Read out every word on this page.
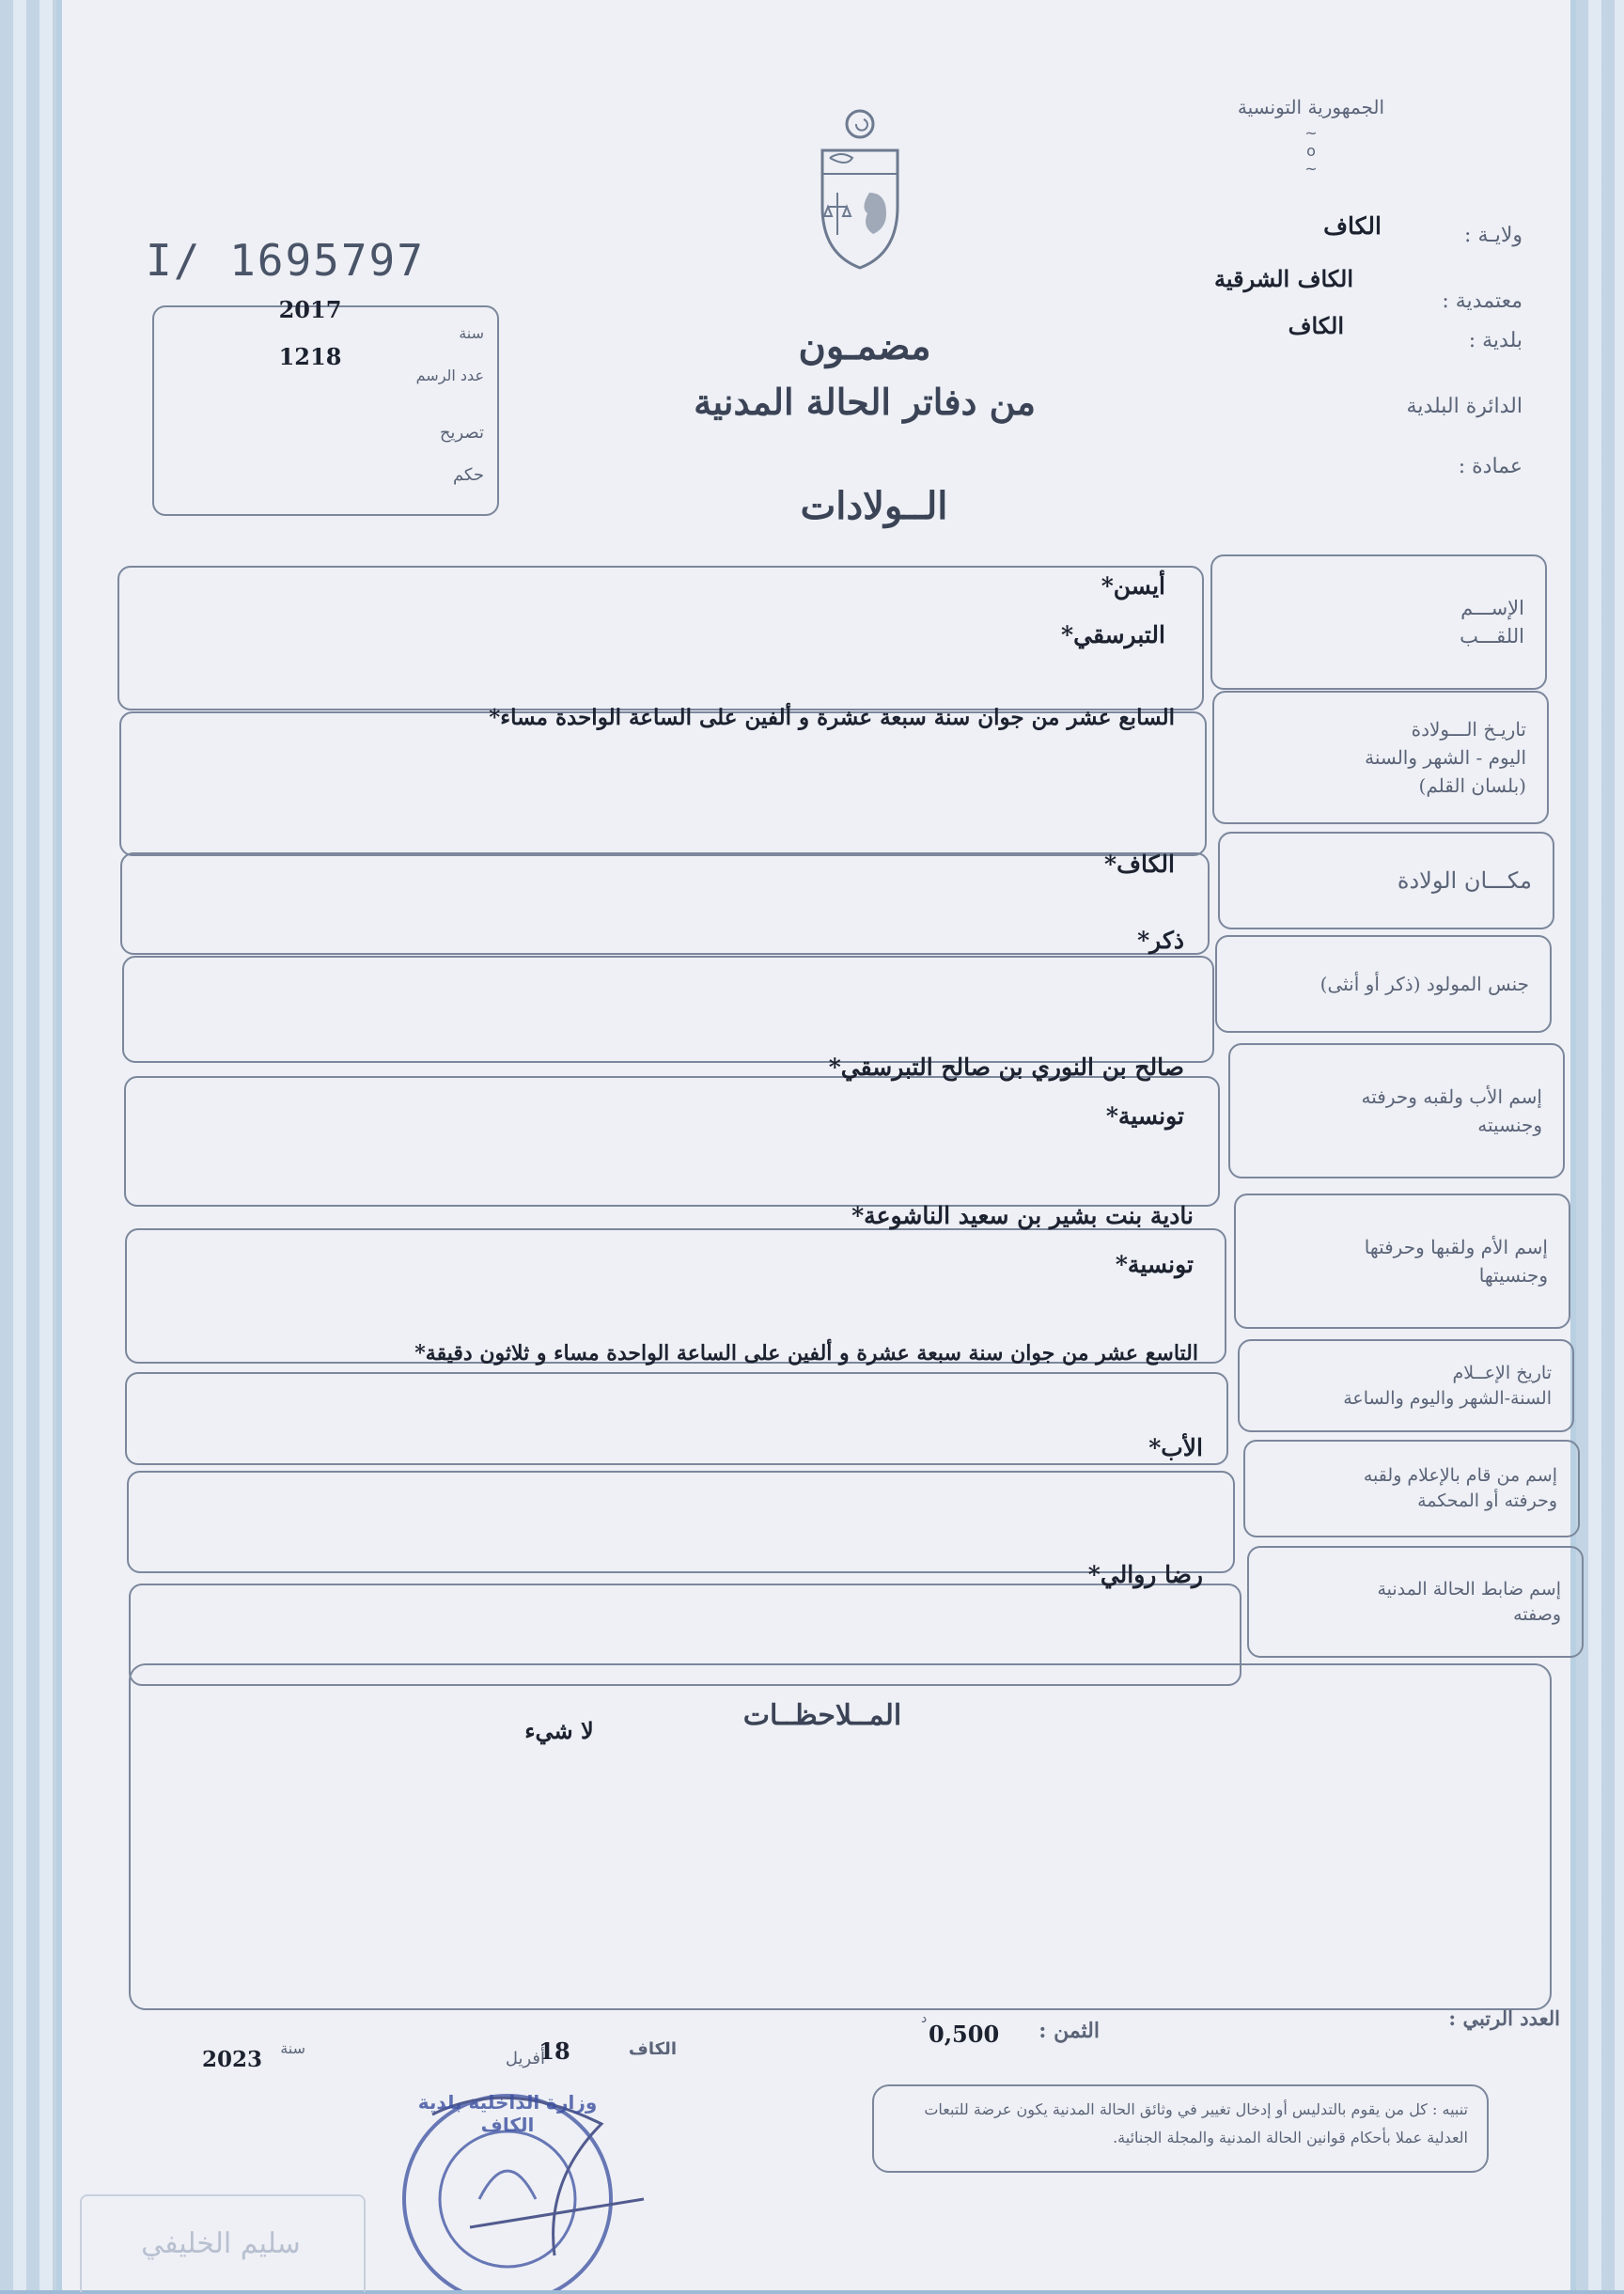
الجمهورية التونسية
~ o ~
ولايـة :
الكاف
معتمدية :
الكاف الشرقية
بلدية :
الكاف
الدائرة البلدية
عمادة :
I/ 1695797
2017
سنة
1218
عدد الرسم
تصريح
حكم
مضمـون
من دفاتر الحالة المدنية
الــولادات
الإســـم
اللقـــب
أيسن*
التبرسقي*
تاريـخ الـــولادة
اليوم - الشهر والسنة
(بلسان القلم)
السابع عشر من جوان سنة سبعة عشرة و ألفين على الساعة الواحدة مساء*
مكـــان الولادة
الكاف*
جنس المولود (ذكر أو أنثى)
ذكر*
إسم الأب ولقبه وحرفته
وجنسيته
صالح بن النوري بن صالح التبرسقي*
تونسية*
إسم الأم ولقبها وحرفتها
وجنسيتها
نادية بنت بشير بن سعيد الناشوعة*
تونسية*
تاريخ الإعــلام
السنة-الشهر واليوم والساعة
التاسع عشر من جوان سنة سبعة عشرة و ألفين على الساعة الواحدة مساء و ثلاثون دقيقة*
إسم من قام بالإعلام ولقبه
وحرفته أو المحكمة
الأب*
إسم ضابط الحالة المدنية
وصفته
رضا روالي*
المــلاحظــات
لا شيء
العدد الرتبي :
الثمن :
0,500
د
الكاف
18
أفريل
سنة
2023
تنبيه : كل من يقوم بالتدليس أو إدخال تغيير في وثائق الحالة المدنية يكون عرضة للتبعات العدلية عملا بأحكام قوانين الحالة المدنية والمجلة الجنائية.
وزارة الداخلية بلدية الكاف
سليم الخليفي
